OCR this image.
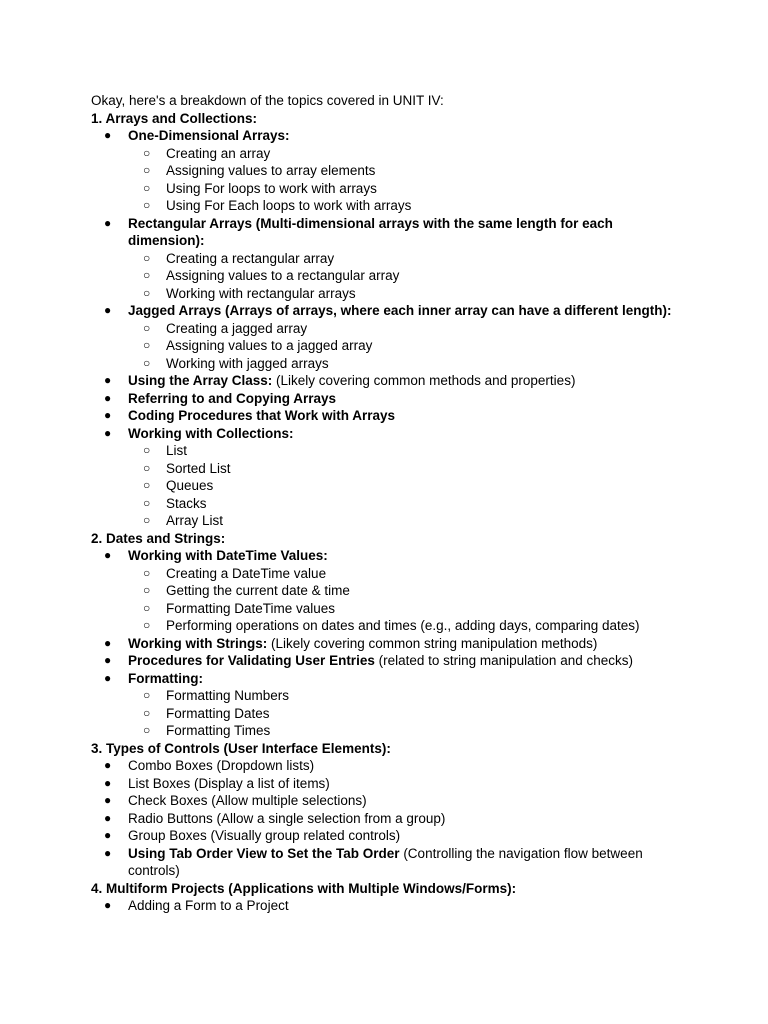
Okay, here's a breakdown of the topics covered in UNIT IV:
1. Arrays and Collections:
● One-Dimensional Arrays:
○ Creating an array
○ Assigning values to array elements
○ Using For loops to work with arrays
○ Using For Each loops to work with arrays
● Rectangular Arrays (Multi-dimensional arrays with the same length for each dimension):
○ Creating a rectangular array
○ Assigning values to a rectangular array
○ Working with rectangular arrays
● Jagged Arrays (Arrays of arrays, where each inner array can have a different length):
○ Creating a jagged array
○ Assigning values to a jagged array
○ Working with jagged arrays
● Using the Array Class: (Likely covering common methods and properties)
● Referring to and Copying Arrays
● Coding Procedures that Work with Arrays
● Working with Collections:
○ List
○ Sorted List
○ Queues
○ Stacks
○ Array List
2. Dates and Strings:
● Working with DateTime Values:
○ Creating a DateTime value
○ Getting the current date & time
○ Formatting DateTime values
○ Performing operations on dates and times (e.g., adding days, comparing dates)
● Working with Strings: (Likely covering common string manipulation methods)
● Procedures for Validating User Entries (related to string manipulation and checks)
● Formatting:
○ Formatting Numbers
○ Formatting Dates
○ Formatting Times
3. Types of Controls (User Interface Elements):
● Combo Boxes (Dropdown lists)
● List Boxes (Display a list of items)
● Check Boxes (Allow multiple selections)
● Radio Buttons (Allow a single selection from a group)
● Group Boxes (Visually group related controls)
● Using Tab Order View to Set the Tab Order (Controlling the navigation flow between controls)
4. Multiform Projects (Applications with Multiple Windows/Forms):
● Adding a Form to a Project
